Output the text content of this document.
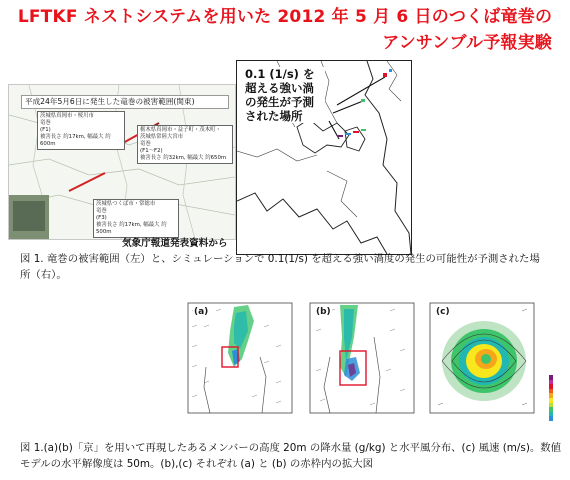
LFTKF ネストシステムを用いた 2012 年 5 月 6 日のつくば竜巻の
アンサンブル予報実験
平成24年5月6日に発生した竜巻の被害範囲(関東)
茨城県真岡市・桜川市
竜巻
(F1)
被害長さ 約17km, 幅最大 約600m
栃木県真岡市・益子町・茂木町・
茨城県常陸大宮市
竜巻
(F1〜F2)
被害長さ 約32km, 幅最大 約650m
茨城県つくば市・常総市
竜巻
(F3)
被害長さ 約17km, 幅最大 約500m
0.1 (1/s) を
超える強い渦
の発生が予測
された場所
気象庁報道発表資料から
図 1. 竜巻の被害範囲（左）と、シミュレーションで 0.1(1/s) を超える強い渦度の発生の可能性が予測された場所（右）。
(a)	(b)	(c)
図 1.(a)(b)「京」を用いて再現したあるメンバーの高度 20m の降水量 (g/kg) と水平風分布、(c) 風速 (m/s)。数値モデルの水平解像度は 50m。(b),(c) それぞれ (a) と (b) の赤枠内の拡大図
